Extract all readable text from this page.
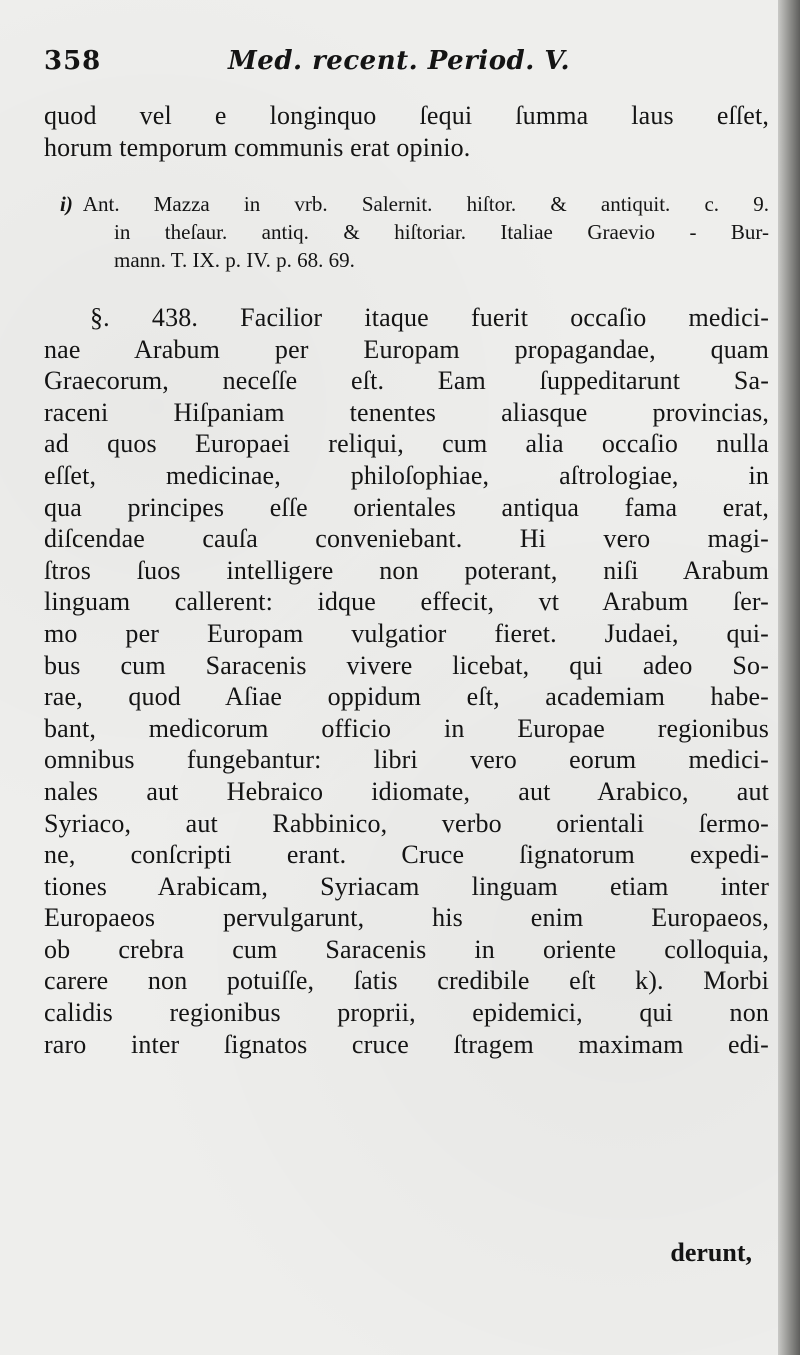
358	Med. recent. Period. V.
quod vel e longinquo ſequi ſumma laus eſſet,
horum temporum communis erat opinio.
i) Ant. Mazza in vrb. Salernit. hiſtor. & antiquit. c. 9.
in theſaur. antiq. & hiſtoriar. Italiae Graevio - Bur-
mann. T. IX. p. IV. p. 68. 69.
§. 438. Facilior itaque fuerit occaſio medici-
nae Arabum per Europam propagandae, quam
Graecorum, neceſſe eſt. Eam ſuppeditarunt Sa-
raceni Hiſpaniam tenentes aliasque provincias,
ad quos Europaei reliqui, cum alia occaſio nulla
eſſet, medicinae, philoſophiae, aſtrologiae, in
qua principes eſſe orientales antiqua fama erat,
diſcendae cauſa conveniebant. Hi vero magi-
ſtros ſuos intelligere non poterant, niſi Arabum
linguam callerent: idque effecit, vt Arabum ſer-
mo per Europam vulgatior fieret. Judaei, qui-
bus cum Saracenis vivere licebat, qui adeo So-
rae, quod Aſiae oppidum eſt, academiam habe-
bant, medicorum officio in Europae regionibus
omnibus fungebantur: libri vero eorum medici-
nales aut Hebraico idiomate, aut Arabico, aut
Syriaco, aut Rabbinico, verbo orientali ſermo-
ne, conſcripti erant. Cruce ſignatorum expedi-
tiones Arabicam, Syriacam linguam etiam inter
Europaeos pervulgarunt, his enim Europaeos,
ob crebra cum Saracenis in oriente colloquia,
carere non potuiſſe, ſatis credibile eſt k). Morbi
calidis regionibus proprii, epidemici, qui non
raro inter ſignatos cruce ſtragem maximam edi-
derunt,
